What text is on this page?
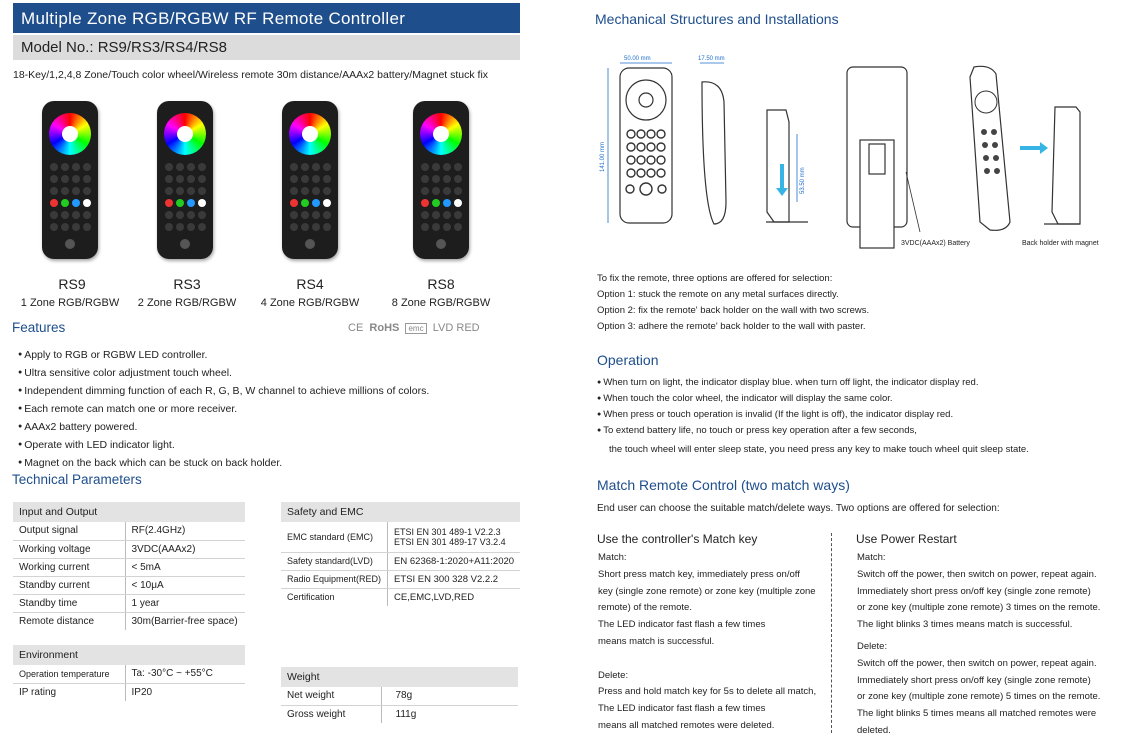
Multiple Zone RGB/RGBW RF Remote Controller
Model No.: RS9/RS3/RS4/RS8
18-Key/1,2,4,8 Zone/Touch color wheel/Wireless remote 30m distance/AAAx2 battery/Magnet stuck fix
RS9	RS3	RS4	RS8
1 Zone RGB/RGBW	2 Zone RGB/RGBW	4 Zone RGB/RGBW	8 Zone RGB/RGBW
Features	CE RoHS emc LVD RED
● Apply to RGB or RGBW LED controller.
● Ultra sensitive color adjustment touch wheel.
● Independent dimming function of each R, G, B, W channel to achieve millions of colors.
● Each remote can match one or more receiver.
● AAAx2 battery powered.
● Operate with LED indicator light.
● Magnet on the back which can be stuck on back holder.
Technical Parameters
Input and Output	
Output signal	RF(2.4GHz)
Working voltage	3VDC(AAAx2)
Working current	< 5mA
Standby current	< 10μA
Standby time	1 year
Remote distance	30m(Barrier-free space)
Environment	
Operation temperature	Ta: -30°C ~ +55°C
IP rating	IP20
Safety and EMC	
EMC standard (EMC)	ETSI EN 301 489-1 V2.2.3
ETSI EN 301 489-17 V3.2.4

Safety standard(LVD)	EN 62368-1:2020+A11:2020
Radio Equipment(RED)	ETSI EN 300 328 V2.2.2
Certification	CE,EMC,LVD,RED
Weight	
Net weight	78g
Gross weight	111g
Mechanical Structures and Installations
50.00 mm	17.50 mm
141.00 mm
53.50 mm
3VDC(AAAx2) Battery	Back holder with magnet
To fix the remote, three options are offered for selection:
Option 1: stuck the remote on any metal surfaces directly.
Option 2: fix the remote' back holder on the wall with two screws.
Option 3: adhere the remote' back holder to the wall with paster.
Operation
● When turn on light, the indicator display blue. when turn off light, the indicator display red.
● When touch the color wheel, the indicator will display the same color.
● When press or touch operation is invalid (If the light is off), the indicator display red.
● To extend battery life, no touch or press key operation after a few seconds,
the touch wheel will enter sleep state, you need press any key to make touch wheel quit sleep state.
Match Remote Control (two match ways)
End user can choose the suitable match/delete ways. Two options are offered for selection:
Use the controller's Match key
Match:
Short press match key, immediately press on/off
key (single zone remote) or zone key (multiple zone
remote) of the remote.
The LED indicator fast flash a few times
means match is successful.
Delete:
Press and hold match key for 5s to delete all match,
The LED indicator fast flash a few times
means all matched remotes were deleted.
Use Power Restart
Match:
Switch off the power, then switch on power, repeat again.
Immediately short press on/off key (single zone remote)
or zone key (multiple zone remote) 3 times on the remote.
The light blinks 3 times means match is successful.
Delete:
Switch off the power, then switch on power, repeat again.
Immediately short press on/off key (single zone remote)
or zone key (multiple zone remote) 5 times on the remote.
The light blinks 5 times means all matched remotes were
deleted.
